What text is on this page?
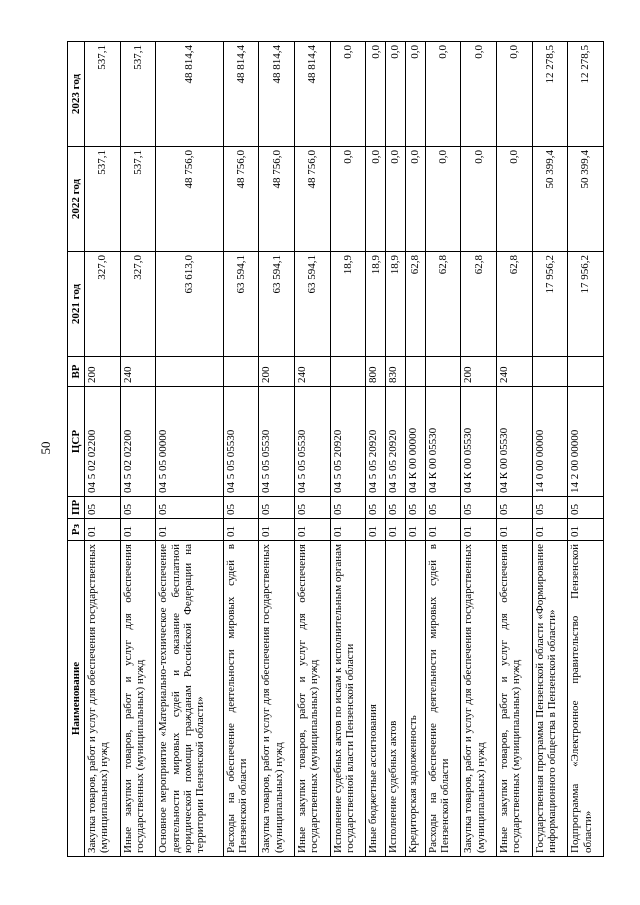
50
Наименование	Рз	ПР	ЦСР	ВР	2021 год	2022 год	2023 год
Закупка товаров, работ и услуг для обеспечения государственных (муниципальных) нужд	01	05	04 5 02 02200	200	327,0	537,1	537,1
Иные закупки товаров, работ и услуг для обеспечения государственных (муниципальных) нужд	01	05	04 5 02 02200	240	327,0	537,1	537,1
Основное мероприятие «Материально-техническое обеспечение деятельности мировых судей и оказание бесплатной юридической помощи гражданам Российской Федерации на территории Пензенской области»	01	05	04 5 05 00000		63 613,0	48 756,0	48 814,4
Расходы на обеспечение деятельности мировых судей в Пензенской области	01	05	04 5 05 05530		63 594,1	48 756,0	48 814,4
Закупка товаров, работ и услуг для обеспечения государственных (муниципальных) нужд	01	05	04 5 05 05530	200	63 594,1	48 756,0	48 814,4
Иные закупки товаров, работ и услуг для обеспечения государственных (муниципальных) нужд	01	05	04 5 05 05530	240	63 594,1	48 756,0	48 814,4
Исполнение судебных актов по искам к исполнительным органам государственной власти Пензенской области	01	05	04 5 05 20920		18,9	0,0	0,0
Иные бюджетные ассигнования	01	05	04 5 05 20920	800	18,9	0,0	0,0
Исполнение судебных актов	01	05	04 5 05 20920	830	18,9	0,0	0,0
Кредиторская задолженность	01	05	04 К 00 00000		62,8	0,0	0,0
Расходы на обеспечение деятельности мировых судей в Пензенской области	01	05	04 К 00 05530		62,8	0,0	0,0
Закупка товаров, работ и услуг для обеспечения государственных (муниципальных) нужд	01	05	04 К 00 05530	200	62,8	0,0	0,0
Иные закупки товаров, работ и услуг для обеспечения государственных (муниципальных) нужд	01	05	04 К 00 05530	240	62,8	0,0	0,0
Государственная программа Пензенской области «Формирование информационного общества в Пензенской области»	01	05	14 0 00 00000		17 956,2	50 399,4	12 278,5
Подпрограмма «Электронное правительство Пензенской области»	01	05	14 2 00 00000		17 956,2	50 399,4	12 278,5
